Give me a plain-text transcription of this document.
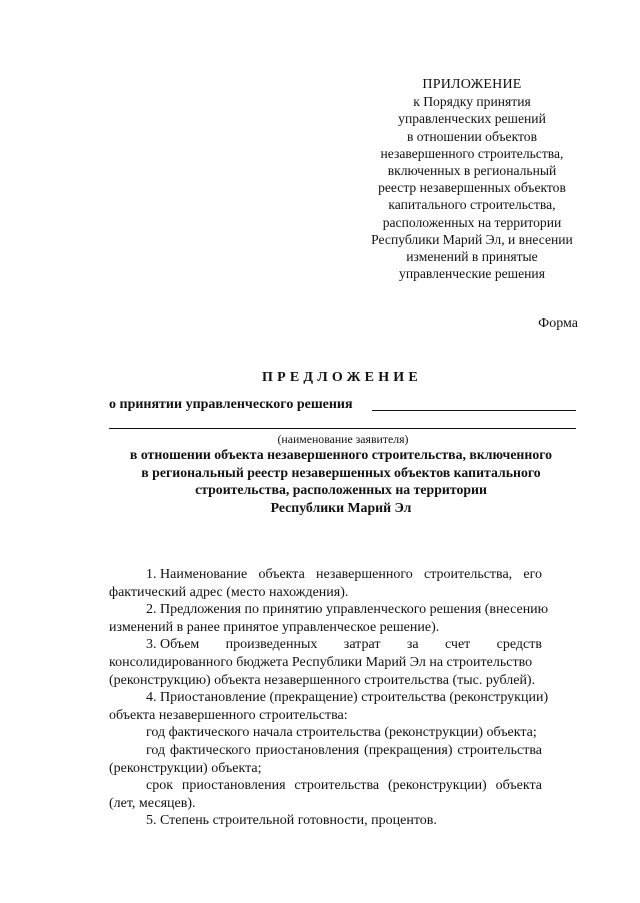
ПРИЛОЖЕНИЕ
к Порядку принятия
управленческих решений
в отношении объектов
незавершенного строительства,
включенных в региональный
реестр незавершенных объектов
капитального строительства,
расположенных на территории
Республики Марий Эл, и внесении
изменений в принятые
управленческие решения
Форма
ПРЕДЛОЖЕНИЕ
о принятии управленческого решения
(наименование заявителя)
в отношении объекта незавершенного строительства, включенного
в региональный реестр незавершенных объектов капитального
строительства, расположенных на территории
Республики Марий Эл
1. Наименование объекта незавершенного строительства, его
фактический адрес (место нахождения).
2. Предложения по принятию управленческого решения (внесению
изменений в ранее принятое управленческое решение).
3. Объем произведенных затрат за счет средств
консолидированного бюджета Республики Марий Эл на строительство
(реконструкцию) объекта незавершенного строительства (тыс. рублей).
4. Приостановление (прекращение) строительства (реконструкции)
объекта незавершенного строительства:
год фактического начала строительства (реконструкции) объекта;
год фактического приостановления (прекращения) строительства
(реконструкции) объекта;
срок приостановления строительства (реконструкции) объекта
(лет, месяцев).
5. Степень строительной готовности, процентов.
